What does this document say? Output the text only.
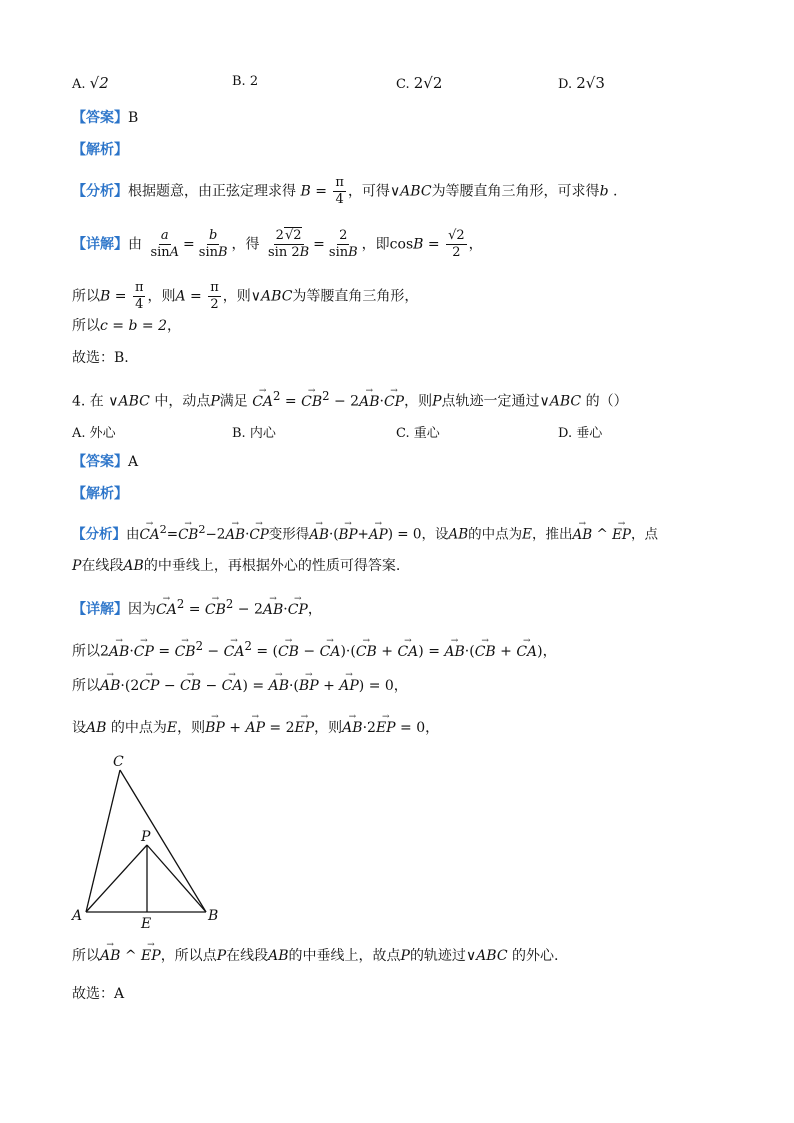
A. √2	B. 2	C. 2√2	D. 2√3
【答案】B
【解析】
【分析】根据题意，由正弦定理求得 $B = \frac{\pi}{4}$ ，可得∨ABC为等腰直角三角形，可求得b .
【详解】由 $\frac{a}{\sin A} = \frac{b}{\sin B}$ ，得 $\frac{2√2}{\sin 2B} = \frac{2}{\sin B}$ ，即$\cos B = \frac{√2}{2}$ ，
所以$B = \frac{\pi}{4}$ ，则$A = \frac{\pi}{2}$ ，则∨ABC为等腰直角三角形，
所以c = b = 2，
故选：B.
4. 在 ∨ABC 中，动点P满足 → $CA^2$ = → $CB^2 - 2\to AB\cdot\to$ CP，则P点轨迹一定通过∨ABC 的（）
A. 外心	B. 内心	C. 重心	D. 垂心
【答案】A
【解析】
【分析】由→ $CA^2=\to CB^2-2\to AB\cdot\to$ CP变形得→ AB·(→ BP+→ AP) = 0，设AB的中点为E，推出→ AB ^ → EP，点
P在线段AB的中垂线上，再根据外心的性质可得答案.
【详解】因为→ $CA^2$ = → $CB^2 - 2\to AB\cdot\to$ CP，
所以2→ AB·→ CP = → $CB^2$ − → $CA^2$ = (→ CB − → CA)·(→ CB + → CA) = → AB·(→ CB + → CA)，
所以→ AB·(2→ CP − → CB − → CA) = → AB·(→ BP + → AP) = 0，
设AB 的中点为E，则→ BP + → AP = 2→ EP，则→ AB·2→ EP = 0，
C
P
A	E	B
所以→ AB ^ → EP，所以点P在线段AB的中垂线上，故点P的轨迹过∨ABC 的外心.
故选：A
